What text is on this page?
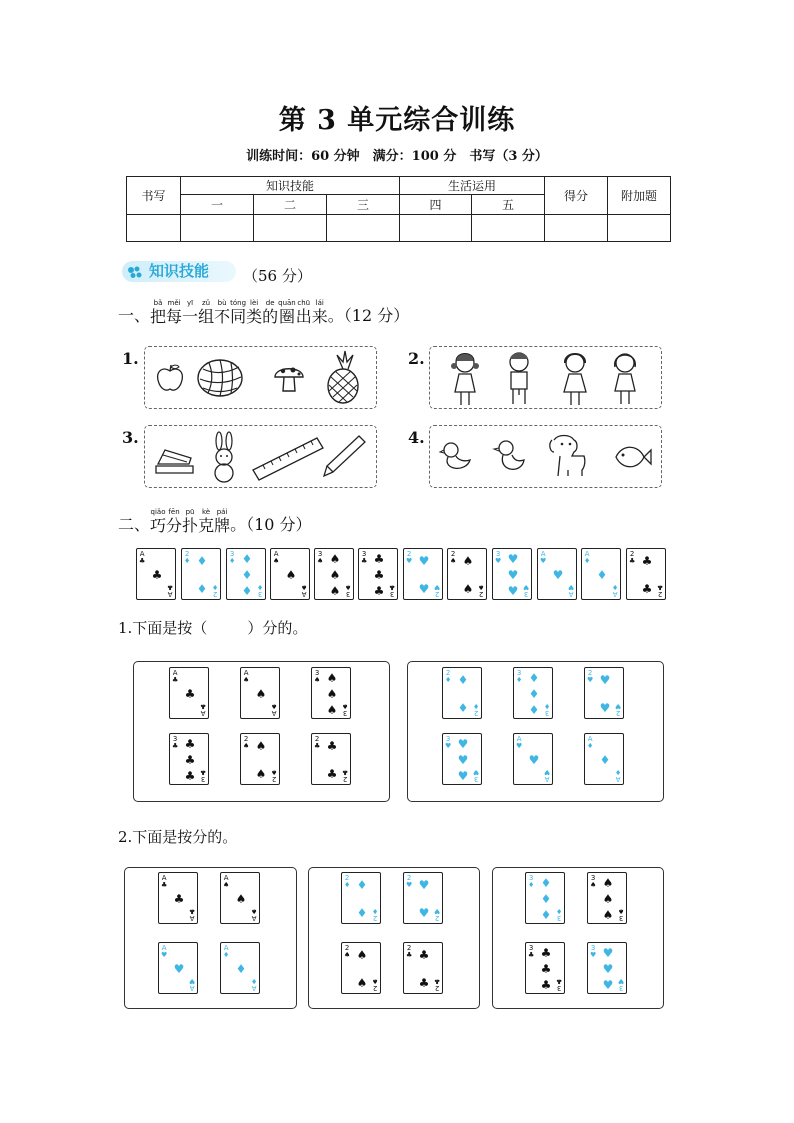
第 3 单元综合训练
训练时间：60 分钟　满分：100 分　书写（3 分）
书写	知识技能			生活运用		得分	附加题
	一	二	三	四	五		

知识技能 （56 分）
一、
bǎ
把
měi
每
yī
一
zǔ
组
bù
不
tóng
同
lèi
类
de
的
quān
圈
chū
出
lái
来 。（12 分）
1.	2.
3.	4.
二、
qiǎo
巧
fēn
分
pū
扑
kè
克
pái
牌 。（10 分）
A
♣
A
♣
♣
2
♦
2
♦
♦
♦
3
♦
3
♦
♦
♦
♦
A
♠
A
♠
♠
3
♠
3
♠
♠
♠
♠
3
♣
3
♣
♣
♣
♣
2
♥
2
♥
♥
♥
2
♠
2
♠
♠
♠
3
♥
3
♥
♥
♥
♥
A
♥
A
♥
♥
A
♦
A
♦
♦
2
♣
2
♣
♣
♣
1.下面是按（	）分的。
A
♣
A
♣
♣
A
♠
A
♠
♠
3
♠
3
♠
♠
♠
♠
3
♣
3
♣
♣
♣
♣
2
♠
2
♠
♠
♠
2
♣
2
♣
♣
♣
2
♦
2
♦
♦
♦
3
♦
3
♦
♦
♦
♦
2
♥
2
♥
♥
♥
3
♥
3
♥
♥
♥
♥
A
♥
A
♥
♥
A
♦
A
♦
♦
2.下面是按分的。
A
♣
A
♣
♣
A
♠
A
♠
♠
A
♥
A
♥
♥
A
♦
A
♦
♦
2
♦
2
♦
♦
♦
2
♥
2
♥
♥
♥
2
♠
2
♠
♠
♠
2
♣
2
♣
♣
♣
3
♦
3
♦
♦
♦
♦
3
♠
3
♠
♠
♠
♠
3
♣
3
♣
♣
♣
♣
3
♥
3
♥
♥
♥
♥
